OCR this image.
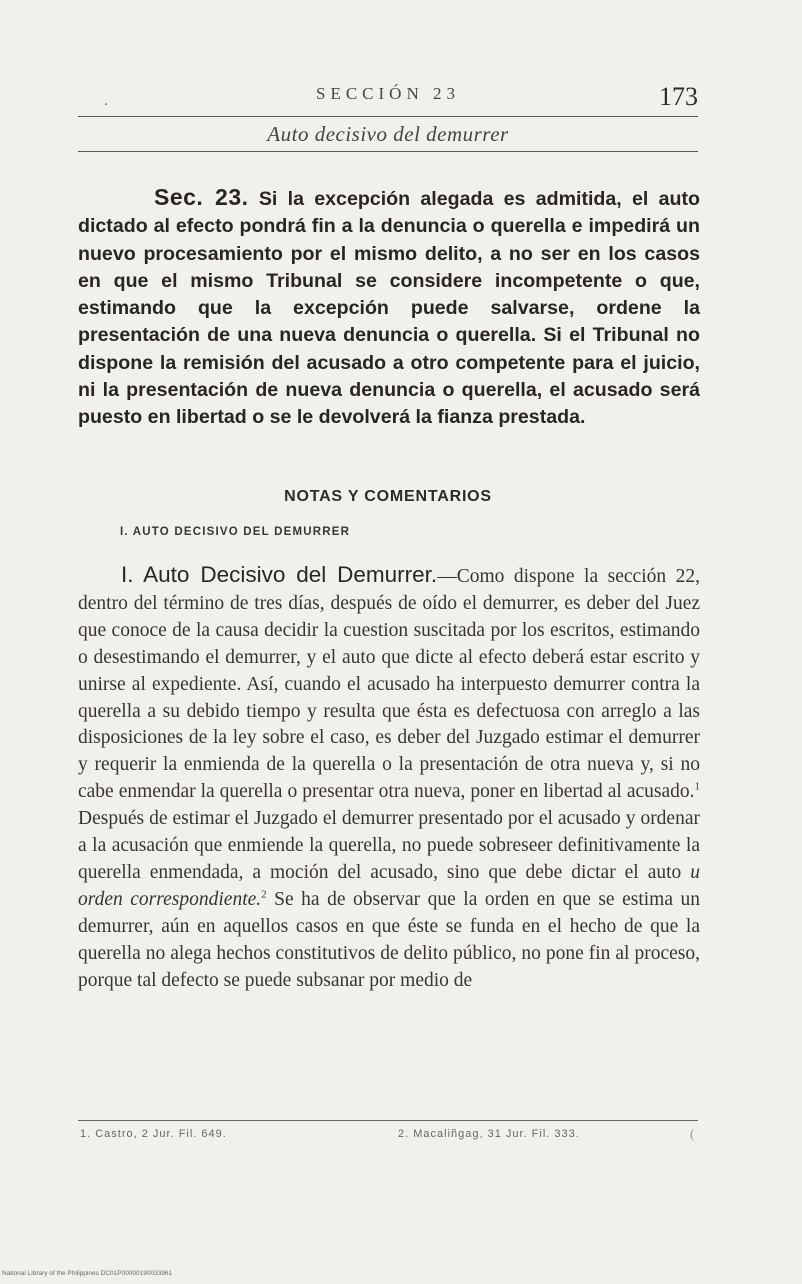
.	SECCIÓN 23	173
Auto decisivo del demurrer

Sec. 23. Si la excepción alegada es admitida, el auto dictado al efecto pondrá fin a la denuncia o querella e impedirá un nuevo procesamiento por el mismo delito, a no ser en los casos en que el mismo Tribunal se considere incompetente o que, estimando que la excepción puede salvarse, ordene la presentación de una nueva denuncia o querella. Si el Tribunal no dispone la remisión del acusado a otro competente para el juicio, ni la presentación de nueva denuncia o querella, el acusado será puesto en libertad o se le devolverá la fianza prestada.

NOTAS Y COMENTARIOS
I. AUTO DECISIVO DEL DEMURRER

I. Auto Decisivo del Demurrer.—Como dispone la sección 22, dentro del término de tres días, después de oído el demurrer, es deber del Juez que conoce de la causa decidir la cuestion suscitada por los escritos, estimando o desestimando el demurrer, y el auto que dicte al efecto deberá estar escrito y unirse al expediente. Así, cuando el acusado ha interpuesto demurrer contra la querella a su debido tiempo y resulta que ésta es defectuosa con arreglo a las disposiciones de la ley sobre el caso, es deber del Juzgado estimar el demurrer y requerir la enmienda de la querella o la presentación de otra nueva y, si no cabe enmendar la querella o presentar otra nueva, poner en libertad al acusado.$^1$ Después de estimar el Juzgado el demurrer presentado por el acusado y ordenar a la acusación que enmiende la querella, no puede sobreseer definitivamente la querella enmendada, a moción del acusado, sino que debe dictar el auto u orden correspondiente.$^2$ Se ha de observar que la orden en que se estima un demurrer, aún en aquellos casos en que éste se funda en el hecho de que la querella no alega hechos constitutivos de delito público, no pone fin al proceso, porque tal defecto se puede subsanar por medio de

1. Castro, 2 Jur. Fil. 649.	2. Macaliñgag, 31 Jur. Fil. 333.	(
National Library of the Philippines DC01P00000190033961
